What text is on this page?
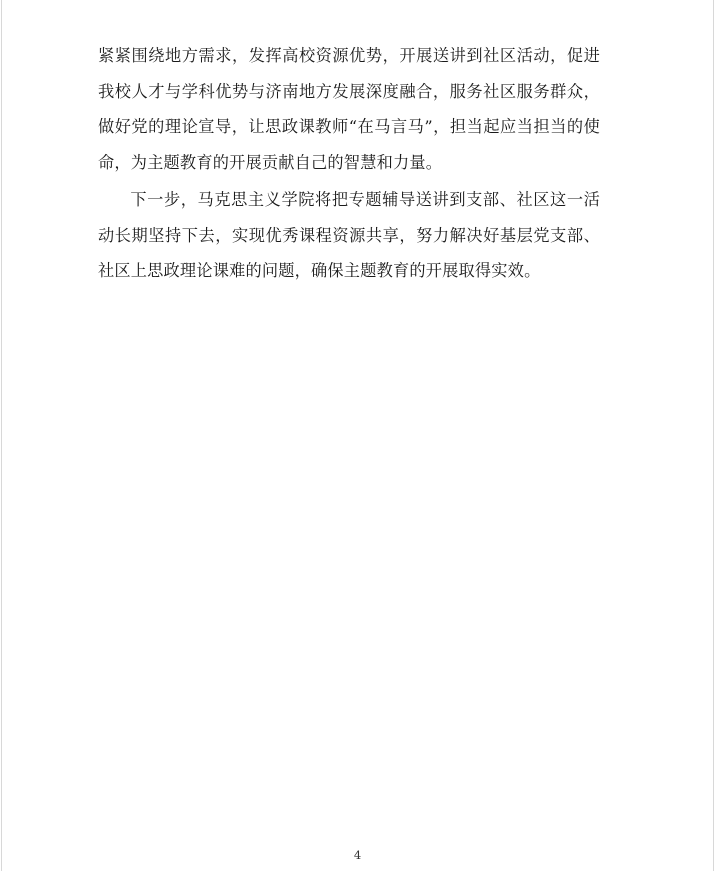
紧紧围绕地方需求，发挥高校资源优势，开展送讲到社区活动，促进我校人才与学科优势与济南地方发展深度融合，服务社区服务群众，做好党的理论宣导，让思政课教师“在马言马”，担当起应当担当的使命，为主题教育的开展贡献自己的智慧和力量。

下一步，马克思主义学院将把专题辅导送讲到支部、社区这一活动长期坚持下去，实现优秀课程资源共享，努力解决好基层党支部、社区上思政理论课难的问题，确保主题教育的开展取得实效。

4
